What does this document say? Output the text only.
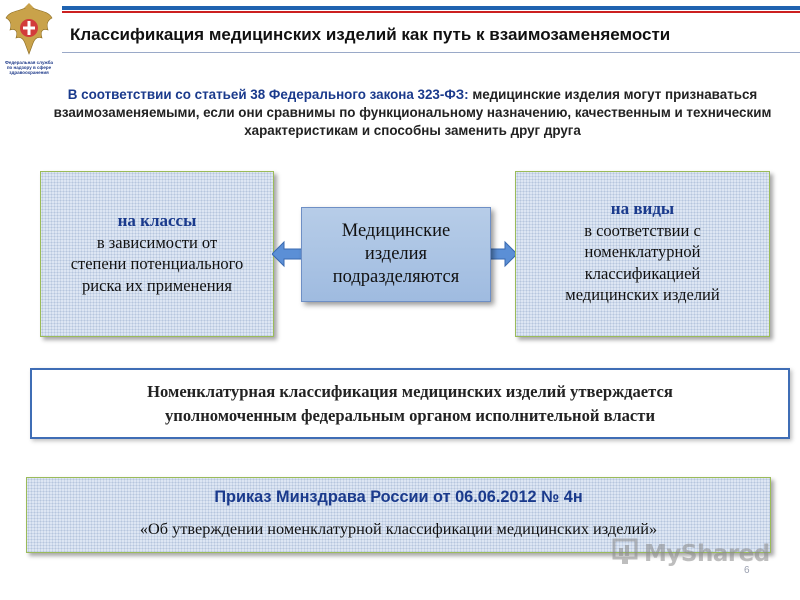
Федеральная служба по надзору в сфере здравоохранения
Классификация медицинских изделий как путь к взаимозаменяемости
В соответствии со статьей 38 Федерального закона 323-ФЗ: медицинские изделия могут признаваться взаимозаменяемыми, если они сравнимы по функциональному назначению, качественным и техническим характеристикам и способны заменить друг друга
на классы
в зависимости от
степени потенциального
риска их применения
Медицинские
изделия
подразделяются
на виды
в соответствии с
номенклатурной
классификацией
медицинских изделий
Номенклатурная классификация медицинских изделий утверждается
уполномоченным федеральным органом исполнительной власти
Приказ Минздрава России от 06.06.2012 № 4н
«Об утверждении номенклатурной классификации медицинских изделий»
MyShared
6
